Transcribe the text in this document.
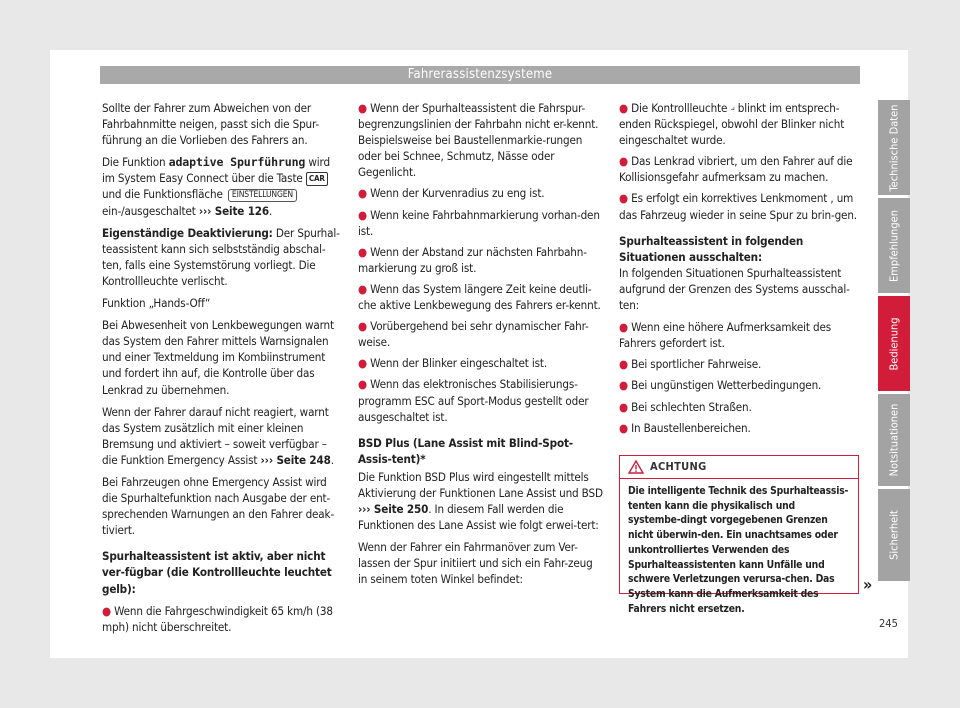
Fahrerassistenzsysteme

Sollte der Fahrer zum Abweichen von der Fahrbahnmitte neigen, passt sich die Spur-führung an die Vorlieben des Fahrers an.

Die Funktion adaptive Spurführung wird im System Easy Connect über die Taste CAR und die Funktionsfläche EINSTELLUNGEN ein-/ausgeschaltet ››› Seite 126.

Eigenständige Deaktivierung: Der Spurhal-teassistent kann sich selbstständig abschal-ten, falls eine Systemstörung vorliegt. Die Kontrollleuchte verlischt.

Funktion „Hands-Off“

Bei Abwesenheit von Lenkbewegungen warnt das System den Fahrer mittels Warnsignalen und einer Textmeldung im Kombiinstrument und fordert ihn auf, die Kontrolle über das Lenkrad zu übernehmen.

Wenn der Fahrer darauf nicht reagiert, warnt das System zusätzlich mit einer kleinen Bremsung und aktiviert – soweit verfügbar – die Funktion Emergency Assist ››› Seite 248.

Bei Fahrzeugen ohne Emergency Assist wird die Spurhaltefunktion nach Ausgabe der ent-sprechenden Warnungen an den Fahrer deak-tiviert.

Spurhalteassistent ist aktiv, aber nicht ver-fügbar (die Kontrollleuchte leuchtet gelb):

● Wenn die Fahrgeschwindigkeit 65 km/h (38 mph) nicht überschreitet.
● Wenn der Spurhalteassistent die Fahrspur-begrenzungslinien der Fahrbahn nicht er-kennt. Beispielsweise bei Baustellenmarkie-rungen oder bei Schnee, Schmutz, Nässe oder Gegenlicht.
● Wenn der Kurvenradius zu eng ist.
● Wenn keine Fahrbahnmarkierung vorhan-den ist.
● Wenn der Abstand zur nächsten Fahrbahn-markierung zu groß ist.
● Wenn das System längere Zeit keine deutli-che aktive Lenkbewegung des Fahrers er-kennt.
● Vorübergehend bei sehr dynamischer Fahr-weise.
● Wenn der Blinker eingeschaltet ist.
● Wenn das elektronisches Stabilisierungs-programm ESC auf Sport-Modus gestellt oder ausgeschaltet ist.

BSD Plus (Lane Assist mit Blind-Spot-Assis-tent)*

Die Funktion BSD Plus wird eingestellt mittels Aktivierung der Funktionen Lane Assist und BSD ››› Seite 250. In diesem Fall werden die Funktionen des Lane Assist wie folgt erwei-tert:

Wenn der Fahrer ein Fahrmanöver zum Ver-lassen der Spur initiiert und sich ein Fahr-zeug in seinem toten Winkel befindet:

● Die Kontrollleuchte ⟓ blinkt im entsprech-enden Rückspiegel, obwohl der Blinker nicht eingeschaltet wurde.
● Das Lenkrad vibriert, um den Fahrer auf die Kollisionsgefahr aufmerksam zu machen.
● Es erfolgt ein korrektives Lenkmoment , um das Fahrzeug wieder in seine Spur zu brin-gen.

Spurhalteassistent in folgenden Situationen ausschalten:

In folgenden Situationen Spurhalteassistent aufgrund der Grenzen des Systems ausschal-ten:

● Wenn eine höhere Aufmerksamkeit des Fahrers gefordert ist.
● Bei sportlicher Fahrweise.
● Bei ungünstigen Wetterbedingungen.
● Bei schlechten Straßen.
● In Baustellenbereichen.
ACHTUNG
Die intelligente Technik des Spurhalteassis-tenten kann die physikalisch und systembe-dingt vorgegebenen Grenzen nicht überwin-den. Ein unachtsames oder unkontrolliertes Verwenden des Spurhalteassistenten kann Unfälle und schwere Verletzungen verursa-chen. Das System kann die Aufmerksamkeit des Fahrers nicht ersetzen.
»
Technische Daten
Empfehlungen
Bedienung
Notsituationen
Sicherheit
245
